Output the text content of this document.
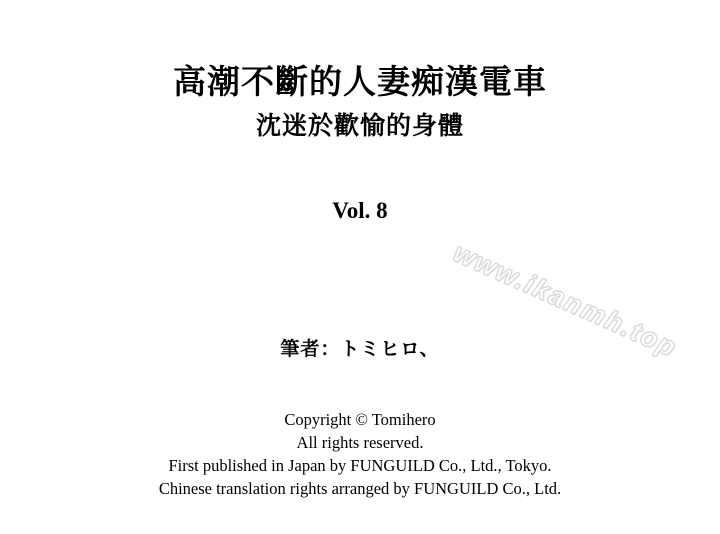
高潮不斷的人妻痴漢電車
沈迷於歡愉的身體
Vol. 8
筆者：トミヒロ、
Copyright © Tomihero
All rights reserved.
First published in Japan by FUNGUILD Co., Ltd., Tokyo.
Chinese translation rights arranged by FUNGUILD Co., Ltd.
www.ikanmh.top
